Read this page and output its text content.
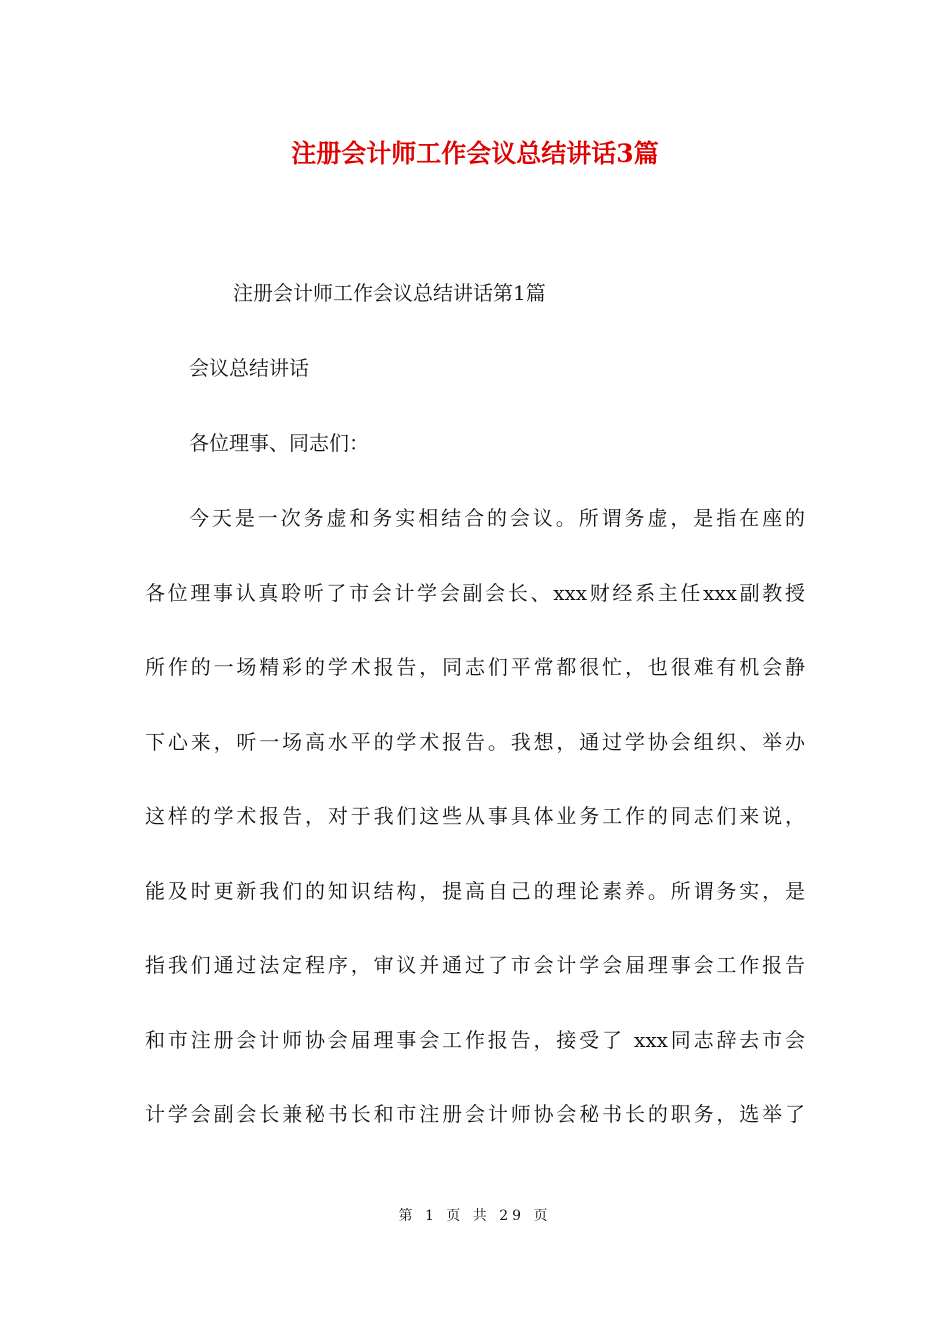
注册会计师工作会议总结讲话3篇
注册会计师工作会议总结讲话第1篇
会议总结讲话
各位理事、同志们：
今天是一次务虚和务实相结合的会议。所谓务虚，是指在座的
各位理事认真聆听了市会计学会副会长、xxx财经系主任xxx副教授
所作的一场精彩的学术报告，同志们平常都很忙，也很难有机会静
下心来，听一场高水平的学术报告。我想，通过学协会组织、举办
这样的学术报告，对于我们这些从事具体业务工作的同志们来说，
能及时更新我们的知识结构，提高自己的理论素养。所谓务实，是
指我们通过法定程序，审议并通过了市会计学会届理事会工作报告
和市注册会计师协会届理事会工作报告，接受了 xxx同志辞去市会
计学会副会长兼秘书长和市注册会计师协会秘书长的职务，选举了
第 1 页 共 29 页
